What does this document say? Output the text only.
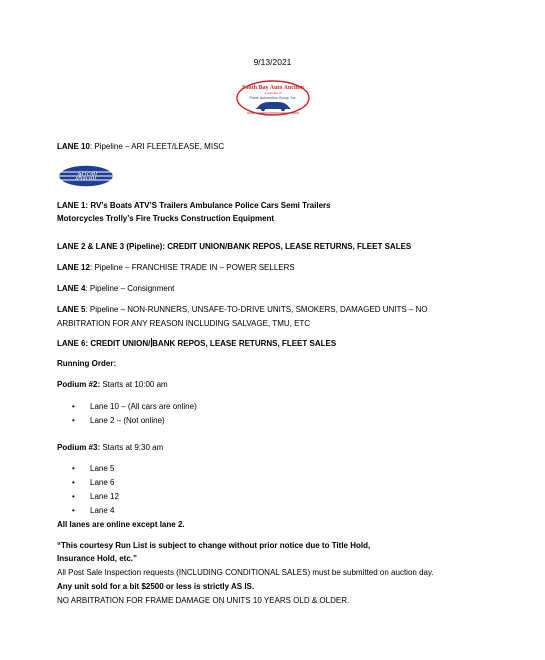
9/13/2021
South Bay Auto Auction
A member of
Prime Automotive Group, Inc.
LANE 10: Pipeline – ARI FLEET/LEASE, MISC
ARI
LANE 1: RV’s Boats ATV’S Trailers Ambulance Police Cars Semi Trailers
Motorcycles Trolly’s Fire Trucks Construction Equipment
LANE 2 & LANE 3 (Pipeline): CREDIT UNION/BANK REPOS, LEASE RETURNS, FLEET SALES
LANE 12: Pipeline – FRANCHISE TRADE IN – POWER SELLERS
LANE 4: Pipeline – Consignment
LANE 5: Pipeline – NON-RUNNERS, UNSAFE-TO-DRIVE UNITS, SMOKERS, DAMAGED UNITS – NO
ARBITRATION FOR ANY REASON INCLUDING SALVAGE, TMU, ETC
LANE 6: CREDIT UNION/ BANK REPOS, LEASE RETURNS, FLEET SALES
Running Order:
Podium #2: Starts at 10:00 am
• Lane 10 – (All cars are online)
• Lane 2 – (Not online)
Podium #3: Starts at 9:30 am
• Lane 5
• Lane 6
• Lane 12
• Lane 4
All lanes are online except lane 2.
“This courtesy Run List is subject to change without prior notice due to Title Hold,
Insurance Hold, etc.”
All Post Sale Inspection requests (INCLUDING CONDITIONAL SALES) must be submitted on auction day.
Any unit sold for a bit $2500 or less is strictly AS IS.
NO ARBITRATION FOR FRAME DAMAGE ON UNITS 10 YEARS OLD & OLDER.
